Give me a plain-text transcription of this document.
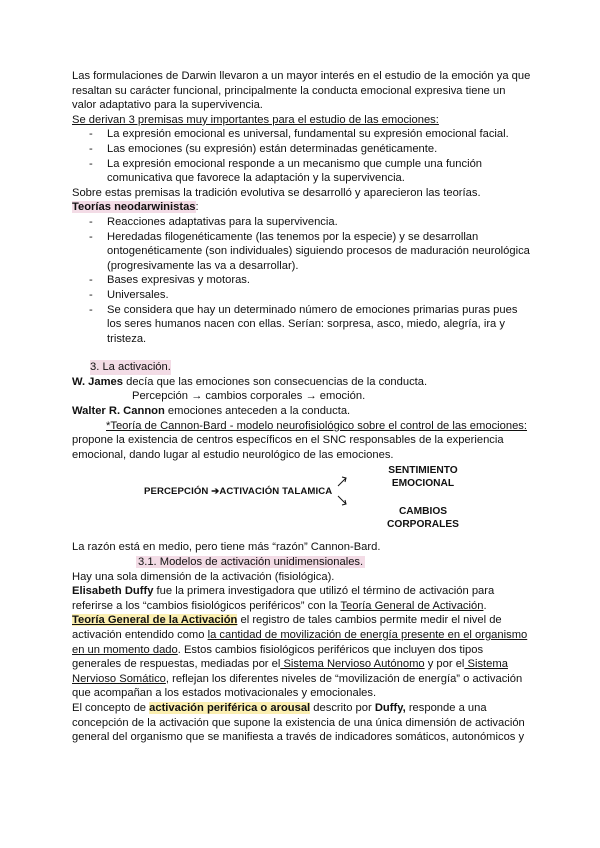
Las formulaciones de Darwin llevaron a un mayor interés en el estudio de la emoción ya que resaltan su carácter funcional, principalmente la conducta emocional expresiva tiene un valor adaptativo para la supervivencia.

Se derivan 3 premisas muy importantes para el estudio de las emociones:

- La expresión emocional es universal, fundamental su expresión emocional facial.
- Las emociones (su expresión) están determinadas genéticamente.
- La expresión emocional responde a un mecanismo que cumple una función comunicativa que favorece la adaptación y la supervivencia.

Sobre estas premisas la tradición evolutiva se desarrolló y aparecieron las teorías.

Teorías neodarwinistas:

- Reacciones adaptativas para la supervivencia.
- Heredadas filogenéticamente (las tenemos por la especie) y se desarrollan ontogenéticamente (son individuales) siguiendo procesos de maduración neurológica (progresivamente las va a desarrollar).
- Bases expresivas y motoras.
- Universales.
- Se considera que hay un determinado número de emociones primarias puras pues los seres humanos nacen con ellas. Serían: sorpresa, asco, miedo, alegría, ira y tristeza.

3. La activación.

W. James decía que las emociones son consecuencias de la conducta.

Percepción → cambios corporales → emoción.

Walter R. Cannon emociones anteceden a la conducta.

*Teoría de Cannon-Bard - modelo neurofisiológico sobre el control de las emociones: propone la existencia de centros específicos en el SNC responsables de la experiencia emocional, dando lugar al estudio neurológico de las emociones.

PERCEPCIÓN ➔ACTIVACIÓN TALAMICA
SENTIMIENTO
EMOCIONAL
CAMBIOS
CORPORALES

La razón está en medio, pero tiene más “razón” Cannon-Bard.

3.1. Modelos de activación unidimensionales.

Hay una sola dimensión de la activación (fisiológica).

Elisabeth Duffy fue la primera investigadora que utilizó el término de activación para referirse a los “cambios fisiológicos periféricos” con la Teoría General de Activación.

Teoría General de la Activación el registro de tales cambios permite medir el nivel de activación entendido como la cantidad de movilización de energía presente en el organismo en un momento dado. Estos cambios fisiológicos periféricos que incluyen dos tipos generales de respuestas, mediadas por el Sistema Nervioso Autónomo y por el Sistema Nervioso Somático, reflejan los diferentes niveles de “movilización de energía” o activación que acompañan a los estados motivacionales y emocionales.

El concepto de activación periférica o arousal descrito por Duffy, responde a una concepción de la activación que supone la existencia de una única dimensión de activación general del organismo que se manifiesta a través de indicadores somáticos, autonómicos y
